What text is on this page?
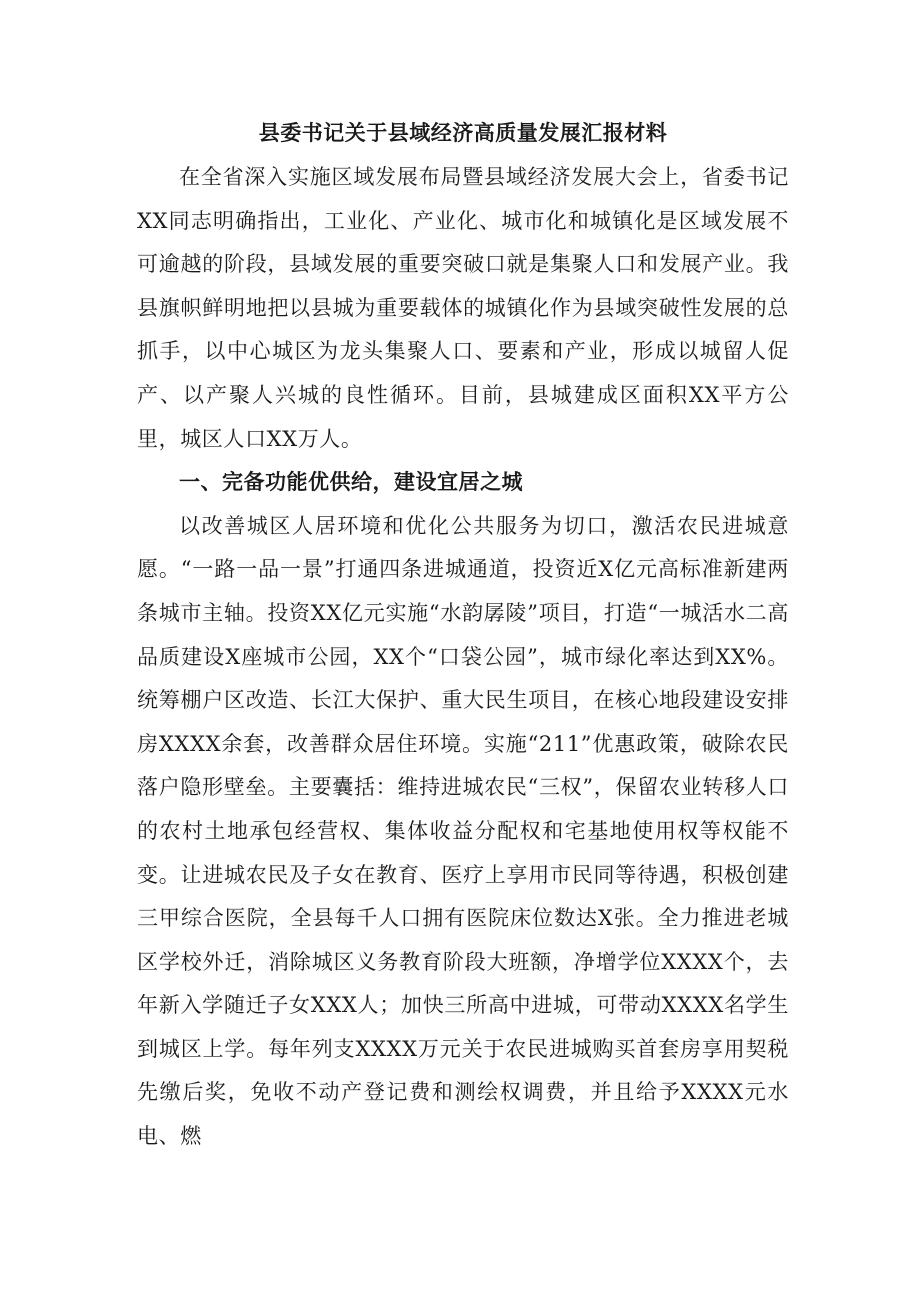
县委书记关于县域经济高质量发展汇报材料

在全省深入实施区域发展布局暨县域经济发展大会上，省委书记XX同志明确指出，工业化、产业化、城市化和城镇化是区域发展不可逾越的阶段，县域发展的重要突破口就是集聚人口和发展产业。我县旗帜鲜明地把以县城为重要载体的城镇化作为县域突破性发展的总抓手，以中心城区为龙头集聚人口、要素和产业，形成以城留人促产、以产聚人兴城的良性循环。目前，县城建成区面积XX平方公里，城区人口XX万人。

一、完备功能优供给，建设宜居之城

以改善城区人居环境和优化公共服务为切口，激活农民进城意愿。“一路一品一景”打通四条进城通道，投资近X亿元高标准新建两条城市主轴。投资XX亿元实施“水韵孱陵”项目，打造“一城活水二高品质建设X座城市公园，XX个“口袋公园”，城市绿化率达到XX%。统筹棚户区改造、长江大保护、重大民生项目，在核心地段建设安排房XXXX余套，改善群众居住环境。实施“211”优惠政策，破除农民落户隐形壁垒。主要囊括：维持进城农民“三权”，保留农业转移人口的农村土地承包经营权、集体收益分配权和宅基地使用权等权能不变。让进城农民及子女在教育、医疗上享用市民同等待遇，积极创建三甲综合医院，全县每千人口拥有医院床位数达X张。全力推进老城区学校外迁，消除城区义务教育阶段大班额，净增学位XXXX个，去年新入学随迁子女XXX人；加快三所高中进城，可带动XXXX名学生到城区上学。每年列支XXXX万元关于农民进城购买首套房享用契税先缴后奖，免收不动产登记费和测绘权调费，并且给予XXXX元水电、燃
